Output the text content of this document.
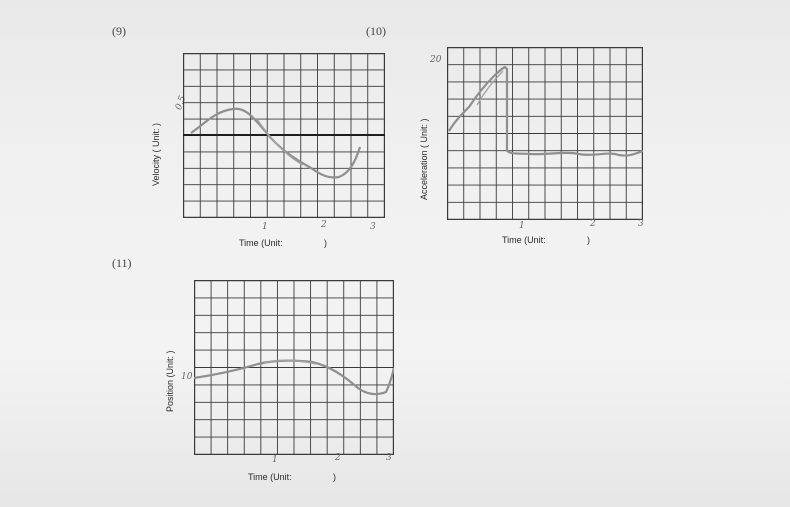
(9)	(10)
(11)
Velocity ( Unit: )
0.5
1	2	3
Time (Unit:	)
Acceleration ( Unit: )
20
1	2	3
Time (Unit:	)
Position (Unit: ) 10
1	2	3
Time (Unit:	)
